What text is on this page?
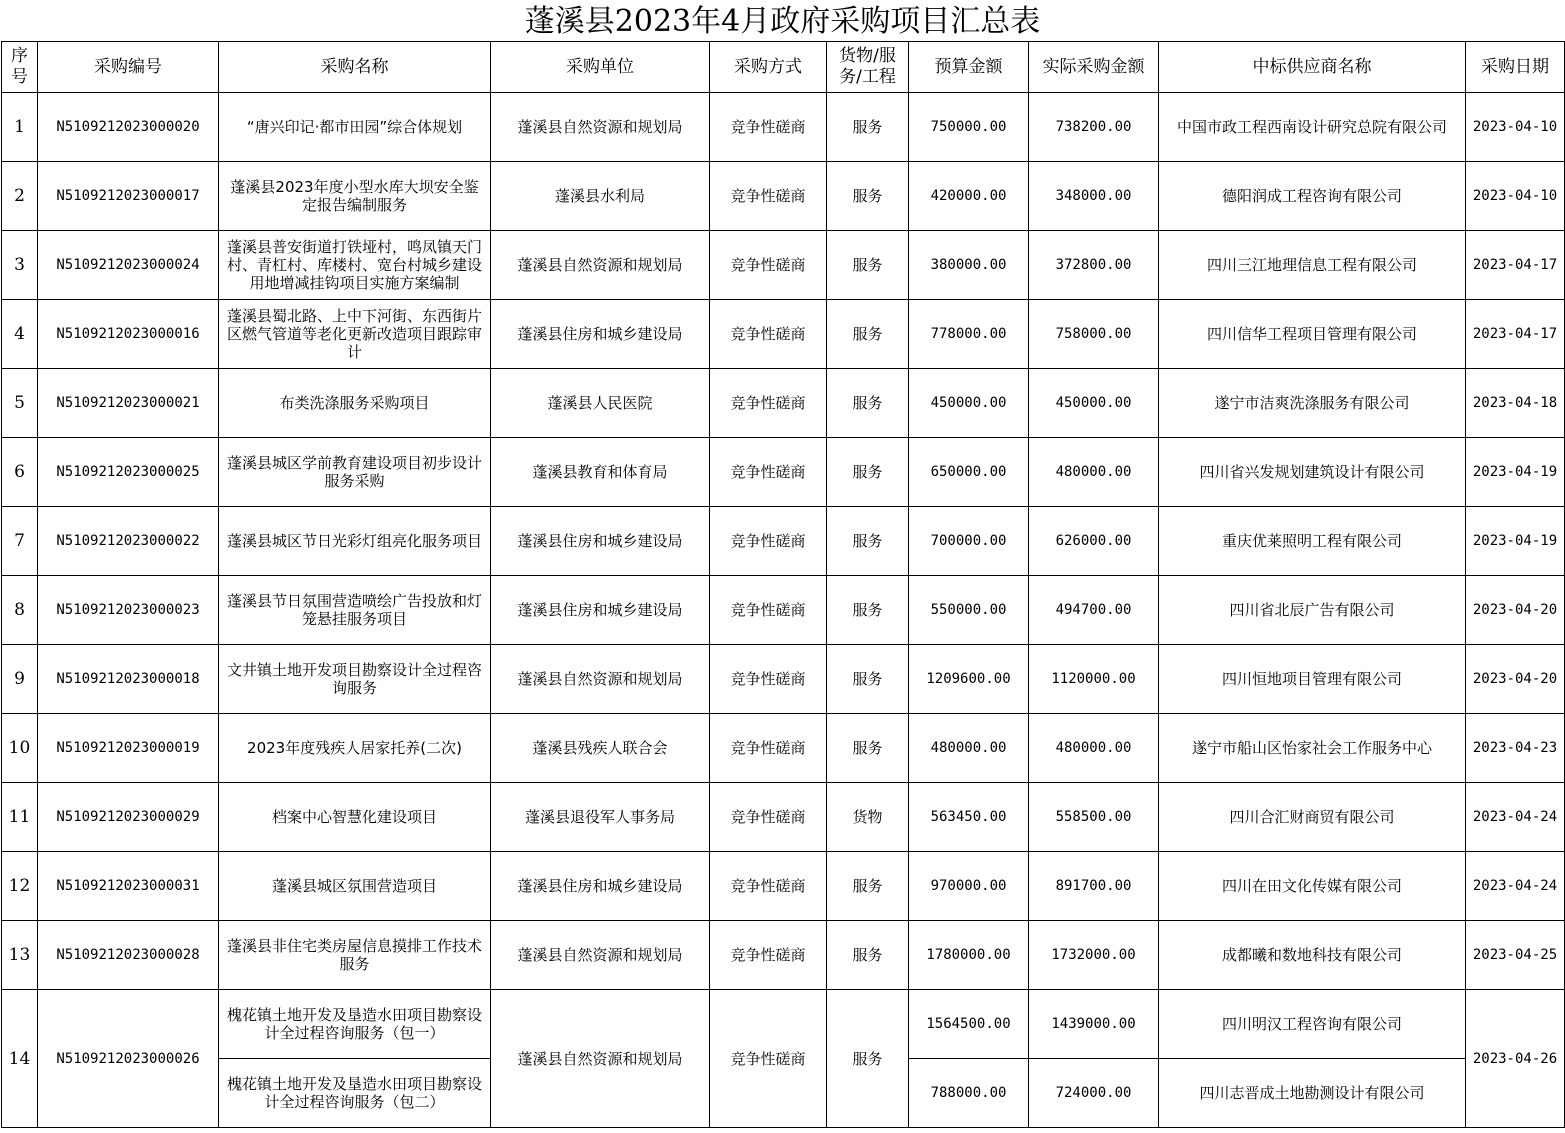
蓬溪县2023年4月政府采购项目汇总表
序号	采购编号	采购名称	采购单位	采购方式	货物/服务/工程	预算金额	实际采购金额	中标供应商名称	采购日期
1	N5109212023000020	“唐兴印记·都市田园”综合体规划	蓬溪县自然资源和规划局	竞争性磋商	服务	750000.00	738200.00	中国市政工程西南设计研究总院有限公司	2023-04-10
2	N5109212023000017	蓬溪县2023年度小型水库大坝安全鉴定报告编制服务	蓬溪县水利局	竞争性磋商	服务	420000.00	348000.00	德阳润成工程咨询有限公司	2023-04-10
3	N5109212023000024	蓬溪县普安街道打铁垭村，鸣凤镇天门村、青杠村、库楼村、宽台村城乡建设用地增减挂钩项目实施方案编制	蓬溪县自然资源和规划局	竞争性磋商	服务	380000.00	372800.00	四川三江地理信息工程有限公司	2023-04-17
4	N5109212023000016	蓬溪县蜀北路、上中下河街、东西街片区燃气管道等老化更新改造项目跟踪审计	蓬溪县住房和城乡建设局	竞争性磋商	服务	778000.00	758000.00	四川信华工程项目管理有限公司	2023-04-17
5	N5109212023000021	布类洗涤服务采购项目	蓬溪县人民医院	竞争性磋商	服务	450000.00	450000.00	遂宁市洁爽洗涤服务有限公司	2023-04-18
6	N5109212023000025	蓬溪县城区学前教育建设项目初步设计服务采购	蓬溪县教育和体育局	竞争性磋商	服务	650000.00	480000.00	四川省兴发规划建筑设计有限公司	2023-04-19
7	N5109212023000022	蓬溪县城区节日光彩灯组亮化服务项目	蓬溪县住房和城乡建设局	竞争性磋商	服务	700000.00	626000.00	重庆优莱照明工程有限公司	2023-04-19
8	N5109212023000023	蓬溪县节日氛围营造喷绘广告投放和灯笼悬挂服务项目	蓬溪县住房和城乡建设局	竞争性磋商	服务	550000.00	494700.00	四川省北辰广告有限公司	2023-04-20
9	N5109212023000018	文井镇土地开发项目勘察设计全过程咨询服务	蓬溪县自然资源和规划局	竞争性磋商	服务	1209600.00	1120000.00	四川恒地项目管理有限公司	2023-04-20
10	N5109212023000019	2023年度残疾人居家托养(二次)	蓬溪县残疾人联合会	竞争性磋商	服务	480000.00	480000.00	遂宁市船山区怡家社会工作服务中心	2023-04-23
11	N5109212023000029	档案中心智慧化建设项目	蓬溪县退役军人事务局	竞争性磋商	货物	563450.00	558500.00	四川合汇财商贸有限公司	2023-04-24
12	N5109212023000031	蓬溪县城区氛围营造项目	蓬溪县住房和城乡建设局	竞争性磋商	服务	970000.00	891700.00	四川在田文化传媒有限公司	2023-04-24
13	N5109212023000028	蓬溪县非住宅类房屋信息摸排工作技术服务	蓬溪县自然资源和规划局	竞争性磋商	服务	1780000.00	1732000.00	成都曦和数地科技有限公司	2023-04-25
14	N5109212023000026	槐花镇土地开发及垦造水田项目勘察设计全过程咨询服务（包一）	蓬溪县自然资源和规划局	竞争性磋商	服务	1564500.00	1439000.00	四川明汉工程咨询有限公司	2023-04-26
		槐花镇土地开发及垦造水田项目勘察设计全过程咨询服务（包二）				788000.00	724000.00	四川志晋成土地勘测设计有限公司	
